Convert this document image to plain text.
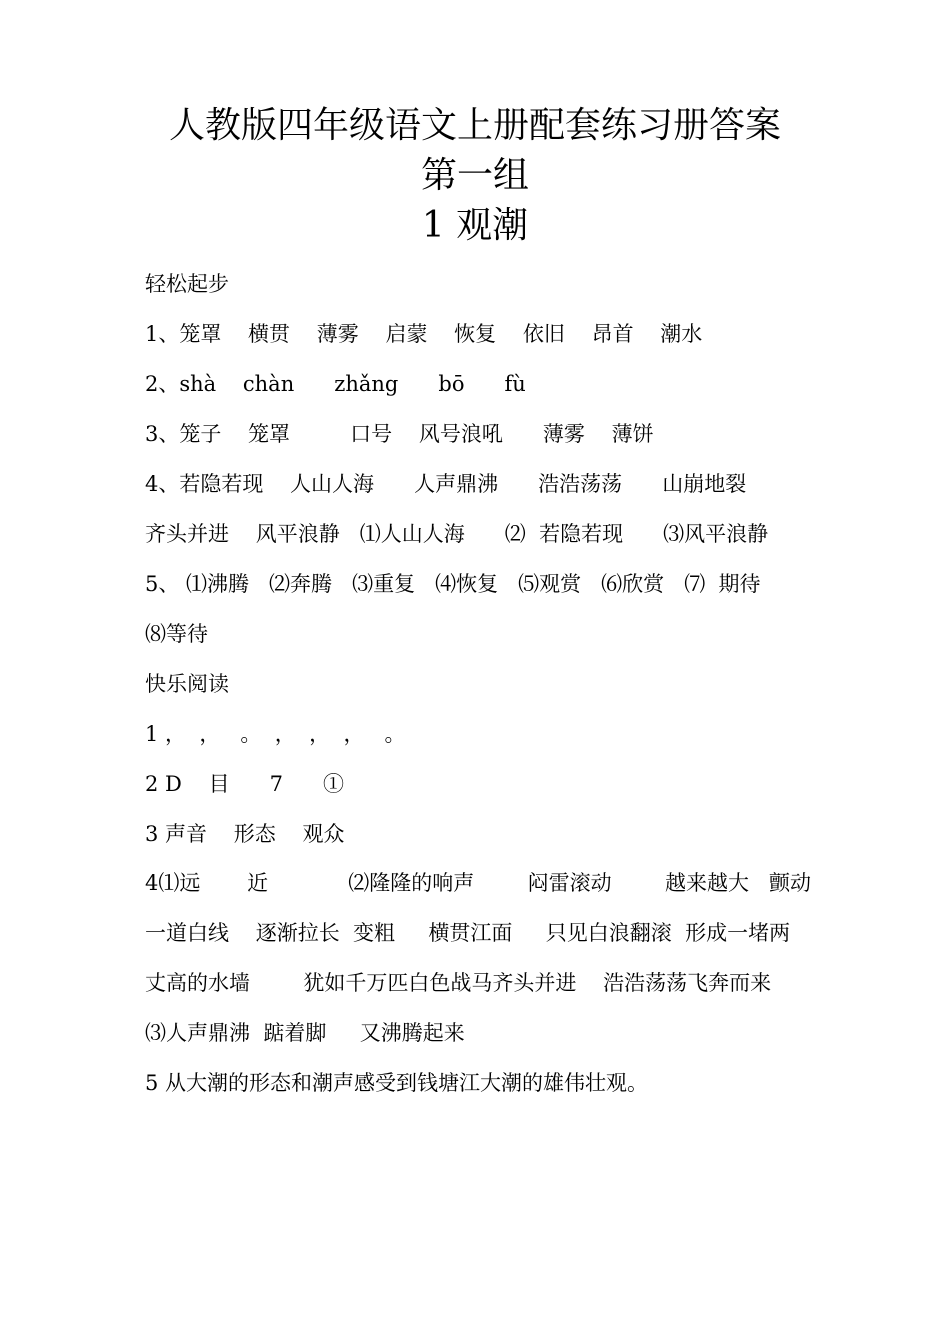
人教版四年级语文上册配套练习册答案
第一组
1 观潮
轻松起步
1、笼罩    横贯    薄雾    启蒙    恢复    依旧    昂首    潮水
2、shà    chàn      zhǎng      bō      fù
3、笼子    笼罩         口号    风号浪吼      薄雾    薄饼
4、若隐若现    人山人海      人声鼎沸      浩浩荡荡      山崩地裂
齐头并进    风平浪静   ⑴人山人海      ⑵  若隐若现      ⑶风平浪静
5、 ⑴沸腾   ⑵奔腾   ⑶重复   ⑷恢复   ⑸观赏   ⑹欣赏   ⑺  期待
⑻等待
快乐阅读
1 ，  ，   。  ，  ，  ，   。
2 D    目      7      ①
3 声音    形态    观众
4⑴远       近            ⑵隆隆的响声        闷雷滚动        越来越大   颤动
一道白线    逐渐拉长  变粗     横贯江面     只见白浪翻滚  形成一堵两
丈高的水墙        犹如千万匹白色战马齐头并进    浩浩荡荡飞奔而来
⑶人声鼎沸  踮着脚     又沸腾起来
5 从大潮的形态和潮声感受到钱塘江大潮的雄伟壮观。
